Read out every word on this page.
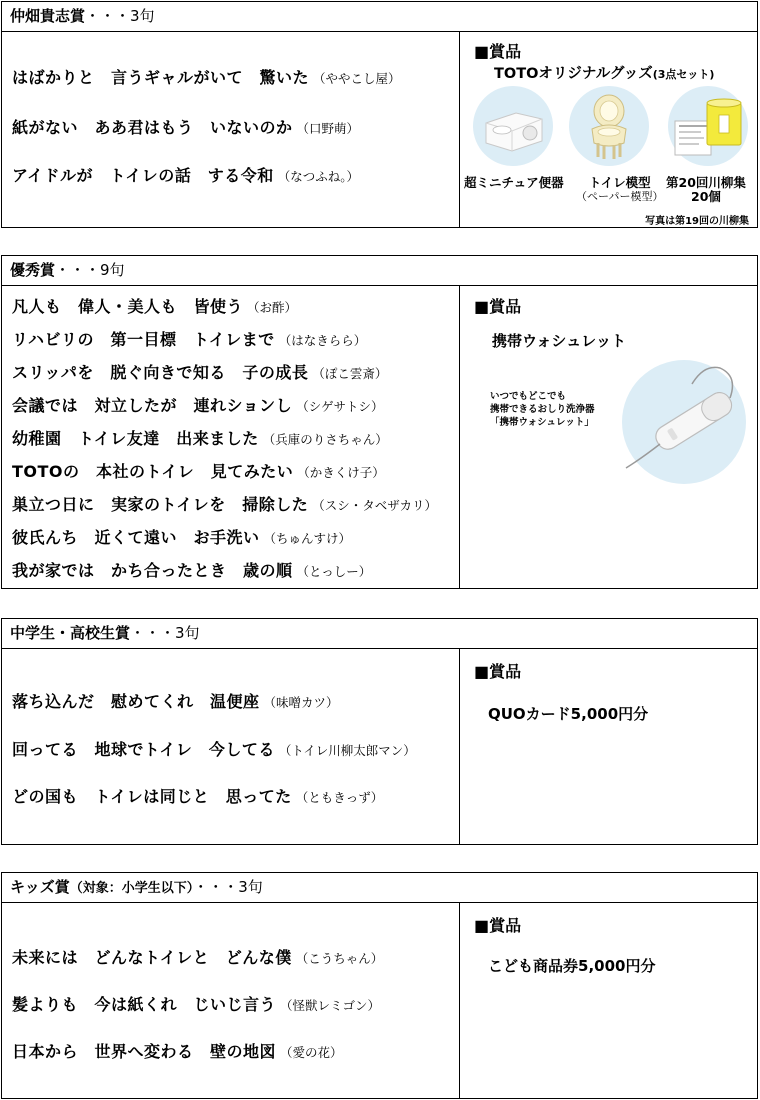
仲畑貴志賞・・・3句
はばかりと　言うギャルがいて　驚いた （ややこし屋）
紙がない　ああ君はもう　いないのか （口野萌）
アイドルが　トイレの話　する令和 （なつふね。）
■賞品
TOTOオリジナルグッズ(3点セット)
超ミニチュア便器	トイレ模型
（ペーパー模型）
第20回川柳集
20個
写真は第19回の川柳集
優秀賞・・・9句
凡人も　偉人・美人も　皆使う （お酢）
リハビリの　第一目標　トイレまで （はなきらら）
スリッパを　脱ぐ向きで知る　子の成長 （ぽこ雲斎）
会議では　対立したが　連れションし （シゲサトシ）
幼稚園　トイレ友達　出来ました （兵庫のりさちゃん）
TOTOの　本社のトイレ　見てみたい （かきくけ子）
巣立つ日に　実家のトイレを　掃除した （スシ・タベザカリ）
彼氏んち　近くて遠い　お手洗い （ちゅんすけ）
我が家では　かち合ったとき　歳の順 （とっしー）
■賞品
携帯ウォシュレット
いつでもどこでも
携帯できるおしり洗浄器
「携帯ウォシュレット」
中学生・高校生賞・・・3句
落ち込んだ　慰めてくれ　温便座 （味噌カツ）
回ってる　地球でトイレ　今してる （トイレ川柳太郎マン）
どの国も　トイレは同じと　思ってた （ともきっず）
■賞品
QUOカード5,000円分
キッズ賞（対象：小学生以下）・・・3句
未来には　どんなトイレと　どんな僕 （こうちゃん）
髪よりも　今は紙くれ　じいじ言う （怪獣レミゴン）
日本から　世界へ変わる　壁の地図 （愛の花）
■賞品
こども商品券5,000円分
